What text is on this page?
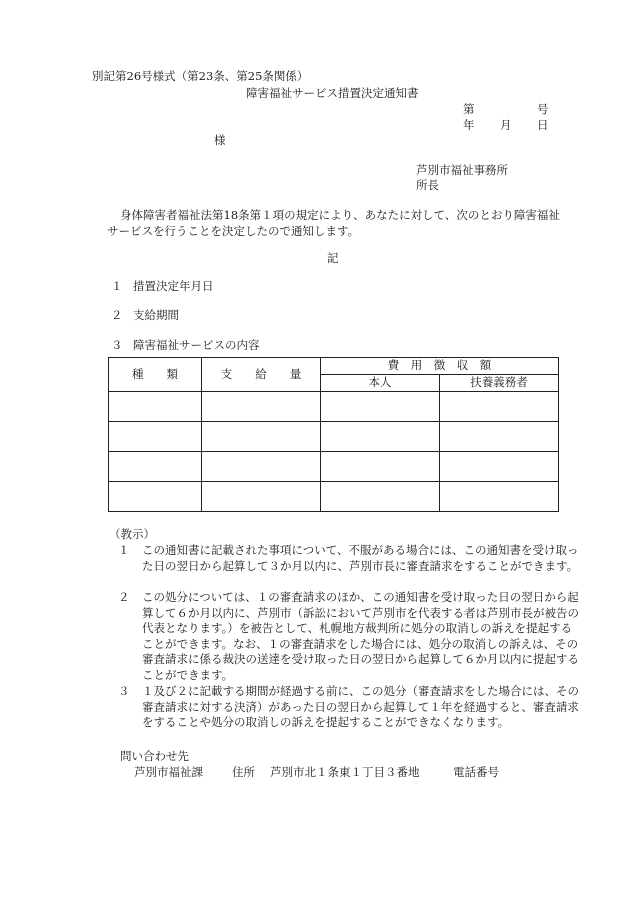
別記第26号様式（第23条、第25条関係）
障害福祉サービス措置決定通知書
第	号
年 月 日
様
芦別市福祉事務所
所長
身体障害者福祉法第18条第１項の規定により、あなたに対して、次のとおり障害福祉
サービスを行うことを決定したので通知します。
記
１ 措置決定年月日
２ 支給期間
３ 障害福祉サービスの内容
種　　類	支　　給　　量	費　用　徴　収　額	
		本人	扶養義務者

（教示）
１ この通知書に記載された事項について、不服がある場合には、この通知書を受け取った日の翌日から起算して３か月以内に、芦別市長に審査請求をすることができます。
２ この処分については、１の審査請求のほか、この通知書を受け取った日の翌日から起算して６か月以内に、芦別市（訴訟において芦別市を代表する者は芦別市長が被告の代表となります。）を被告として、札幌地方裁判所に処分の取消しの訴えを提起することができます。なお、１の審査請求をした場合には、処分の取消しの訴えは、その審査請求に係る裁決の送達を受け取った日の翌日から起算して６か月以内に提起することができます。
３ １及び２に記載する期間が経過する前に、この処分（審査請求をした場合には、その審査請求に対する決済）があった日の翌日から起算して１年を経過すると、審査請求をすることや処分の取消しの訴えを提起することができなくなります。
問い合わせ先
芦別市福祉課	住所 芦別市北１条東１丁目３番地	電話番号
